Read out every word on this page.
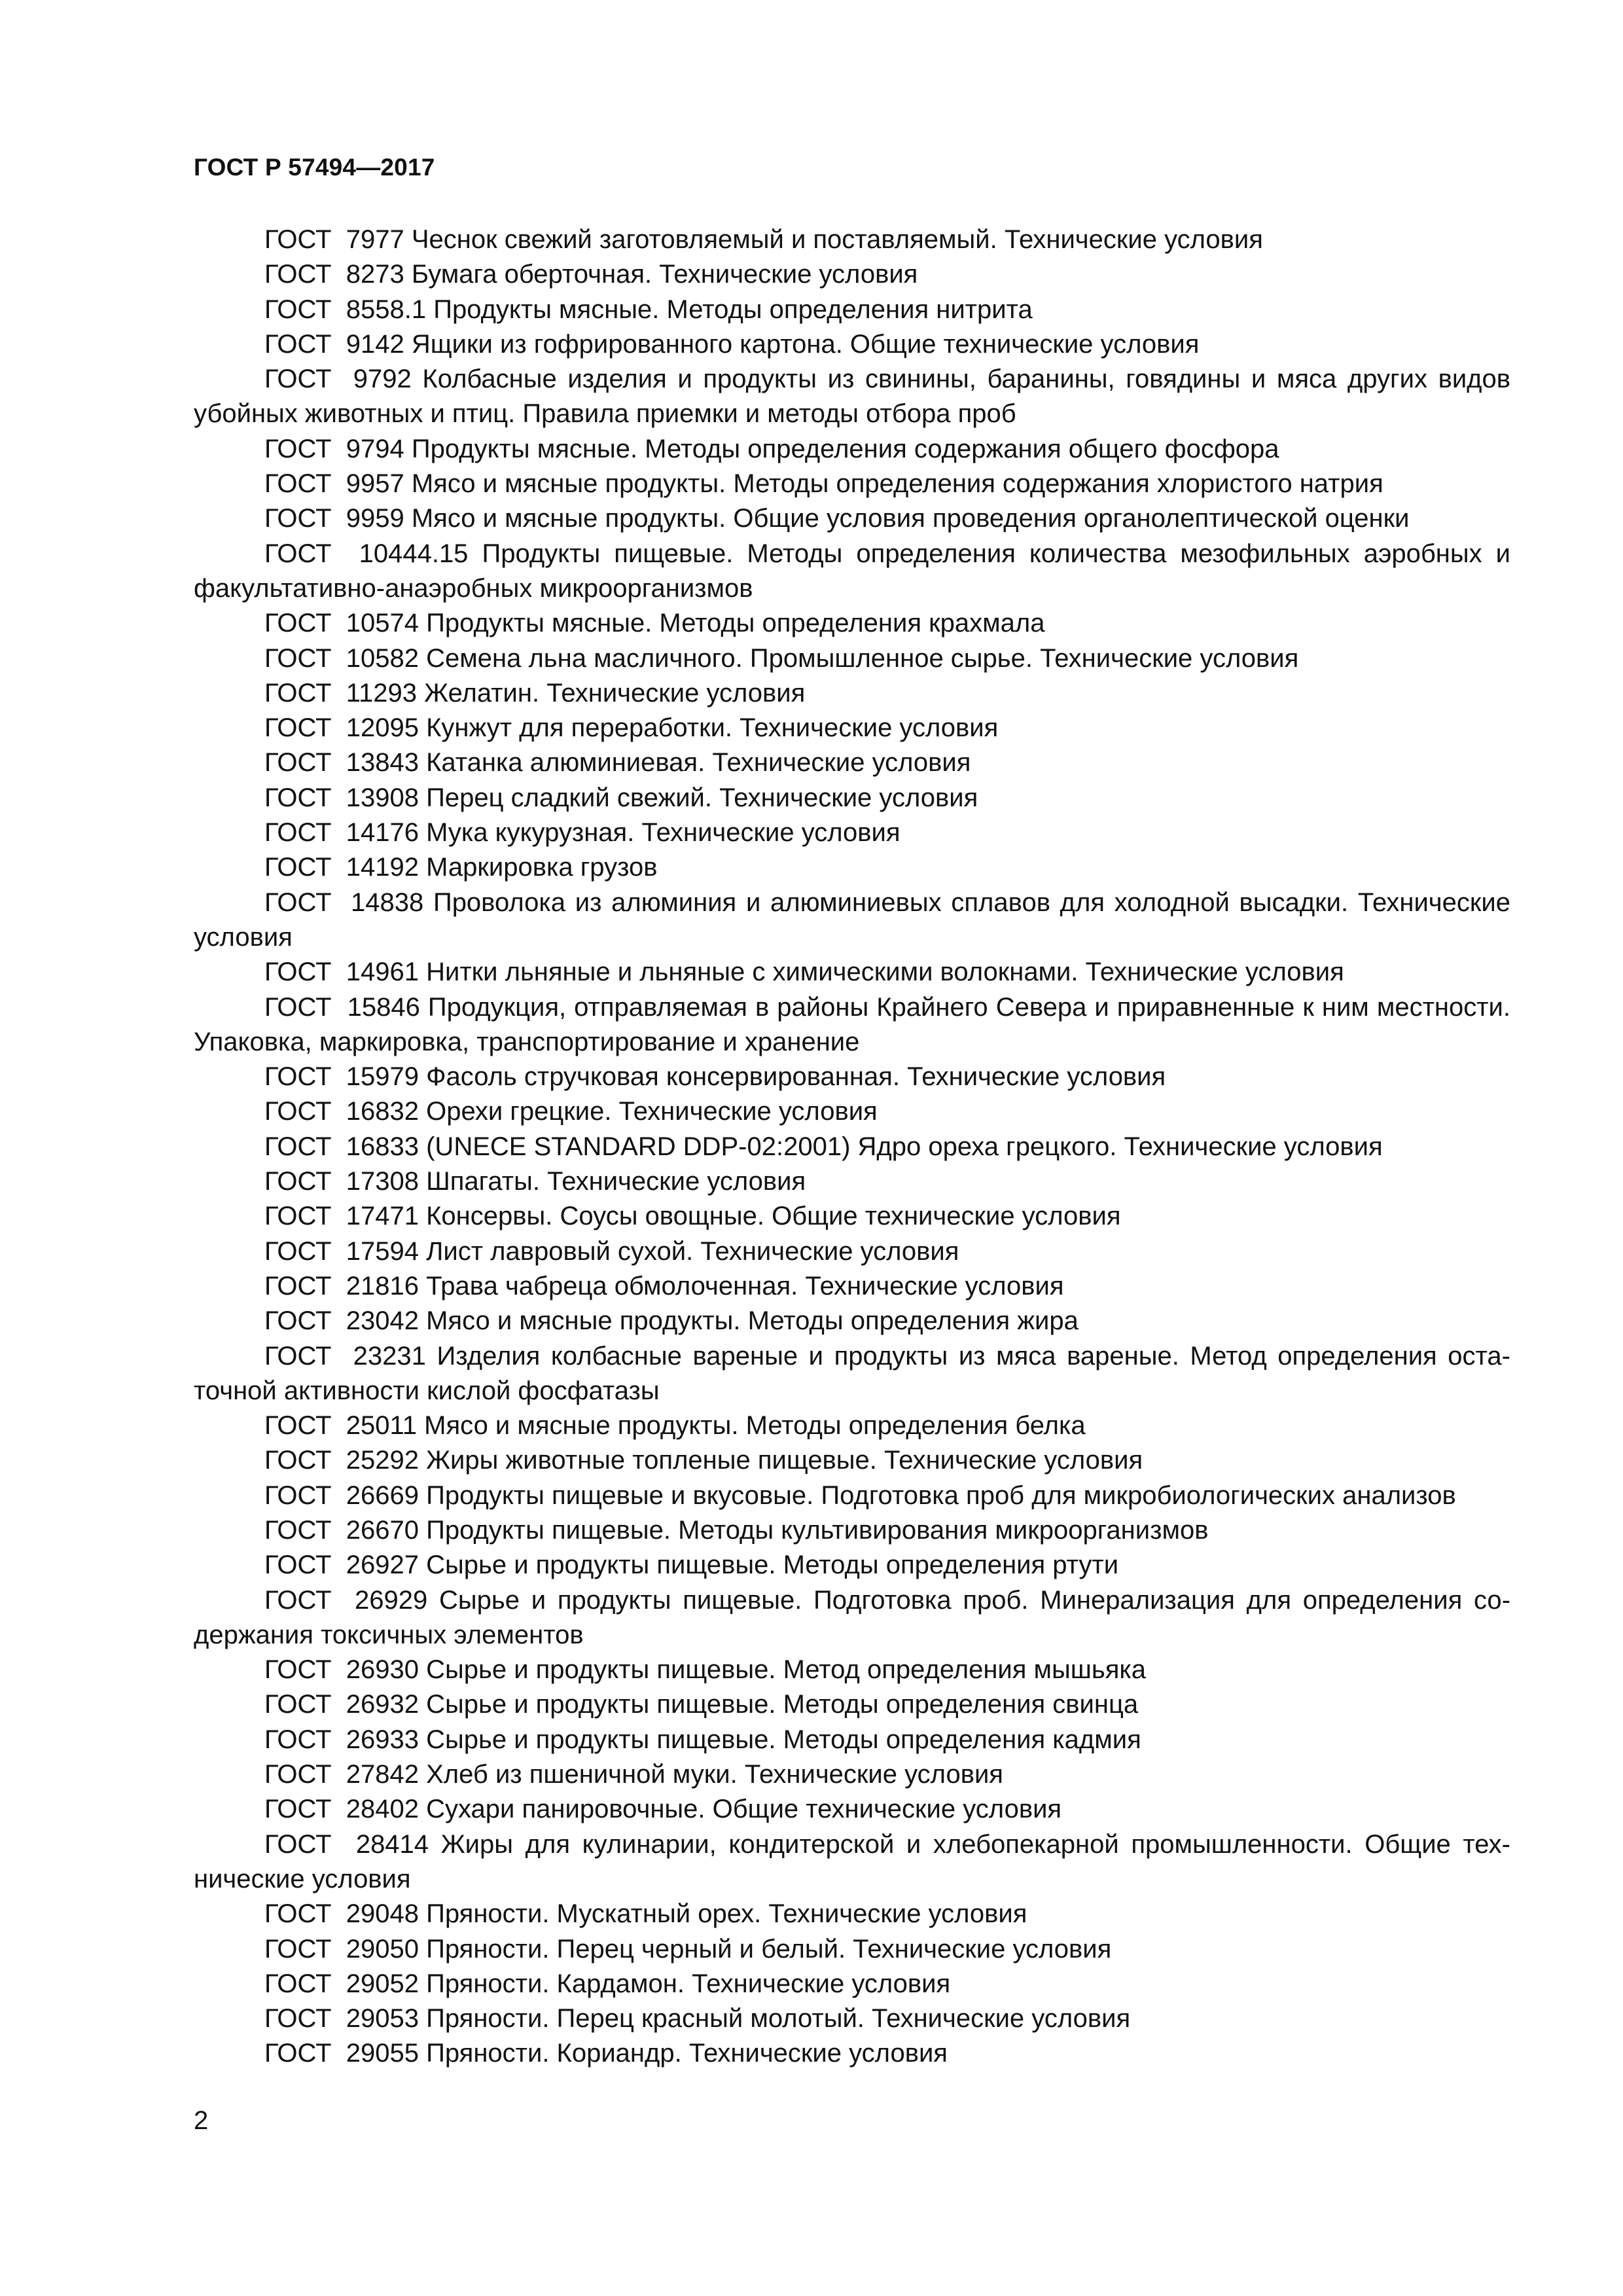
ГОСТ Р 57494—2017

ГОСТ  7977 Чеснок свежий заготовляемый и поставляемый. Технические условия

ГОСТ  8273 Бумага оберточная. Технические условия

ГОСТ  8558.1 Продукты мясные. Методы определения нитрита

ГОСТ  9142 Ящики из гофрированного картона. Общие технические условия

ГОСТ  9792 Колбасные изделия и продукты из свинины, баранины, говядины и мяса других видов убойных животных и птиц. Правила приемки и методы отбора проб

ГОСТ  9794 Продукты мясные. Методы определения содержания общего фосфора

ГОСТ  9957 Мясо и мясные продукты. Методы определения содержания хлористого натрия

ГОСТ  9959 Мясо и мясные продукты. Общие условия проведения органолептической оценки

ГОСТ  10444.15 Продукты пищевые. Методы определения количества мезофильных аэробных и факультативно-анаэробных микроорганизмов

ГОСТ  10574 Продукты мясные. Методы определения крахмала

ГОСТ  10582 Семена льна масличного. Промышленное сырье. Технические условия

ГОСТ  11293 Желатин. Технические условия

ГОСТ  12095 Кунжут для переработки. Технические условия

ГОСТ  13843 Катанка алюминиевая. Технические условия

ГОСТ  13908 Перец сладкий свежий. Технические условия

ГОСТ  14176 Мука кукурузная. Технические условия

ГОСТ  14192 Маркировка грузов

ГОСТ  14838 Проволока из алюминия и алюминиевых сплавов для холодной высадки. Технические условия

ГОСТ  14961 Нитки льняные и льняные с химическими волокнами. Технические условия

ГОСТ  15846 Продукция, отправляемая в районы Крайнего Севера и приравненные к ним местности. Упаковка, маркировка, транспортирование и хранение

ГОСТ  15979 Фасоль стручковая консервированная. Технические условия

ГОСТ  16832 Орехи грецкие. Технические условия

ГОСТ  16833 (UNECE STANDARD DDP-02:2001) Ядро ореха грецкого. Технические условия

ГОСТ  17308 Шпагаты. Технические условия

ГОСТ  17471 Консервы. Соусы овощные. Общие технические условия

ГОСТ  17594 Лист лавровый сухой. Технические условия

ГОСТ  21816 Трава чабреца обмолоченная. Технические условия

ГОСТ  23042 Мясо и мясные продукты. Методы определения жира

ГОСТ  23231 Изделия колбасные вареные и продукты из мяса вареные. Метод определения остаточной активности кислой фосфатазы

ГОСТ  25011 Мясо и мясные продукты. Методы определения белка

ГОСТ  25292 Жиры животные топленые пищевые. Технические условия

ГОСТ  26669 Продукты пищевые и вкусовые. Подготовка проб для микробиологических анализов

ГОСТ  26670 Продукты пищевые. Методы культивирования микроорганизмов

ГОСТ  26927 Сырье и продукты пищевые. Методы определения ртути

ГОСТ  26929 Сырье и продукты пищевые. Подготовка проб. Минерализация для определения содержания токсичных элементов

ГОСТ  26930 Сырье и продукты пищевые. Метод определения мышьяка

ГОСТ  26932 Сырье и продукты пищевые. Методы определения свинца

ГОСТ  26933 Сырье и продукты пищевые. Методы определения кадмия

ГОСТ  27842 Хлеб из пшеничной муки. Технические условия

ГОСТ  28402 Сухари панировочные. Общие технические условия

ГОСТ  28414 Жиры для кулинарии, кондитерской и хлебопекарной промышленности. Общие технические условия

ГОСТ  29048 Пряности. Мускатный орех. Технические условия

ГОСТ  29050 Пряности. Перец черный и белый. Технические условия

ГОСТ  29052 Пряности. Кардамон. Технические условия

ГОСТ  29053 Пряности. Перец красный молотый. Технические условия

ГОСТ  29055 Пряности. Кориандр. Технические условия

2
